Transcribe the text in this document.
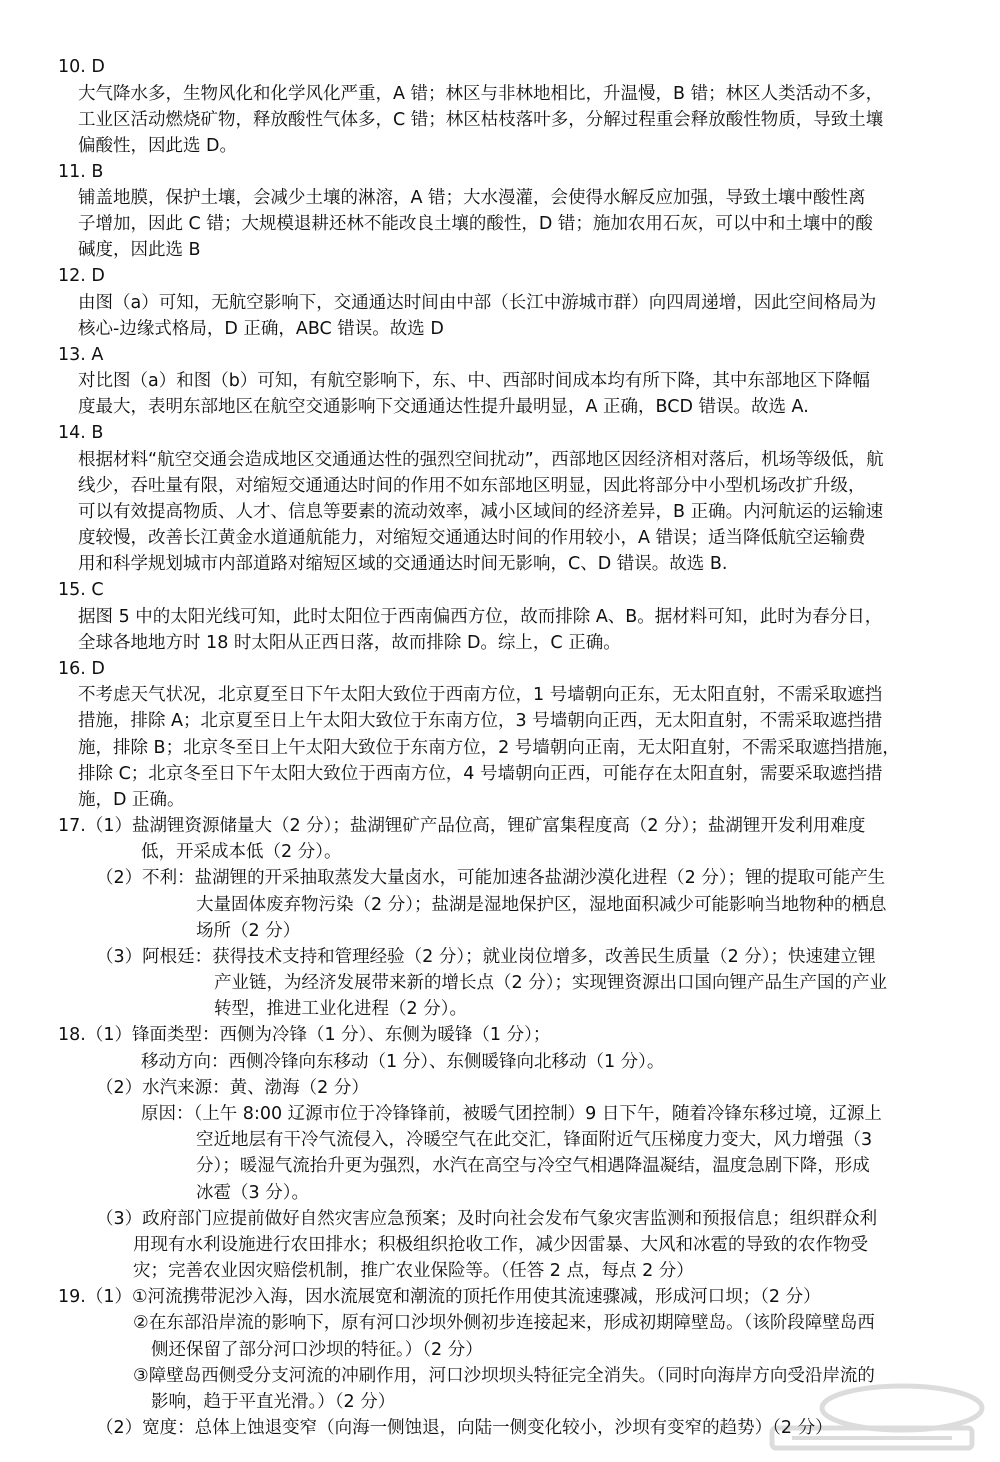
10. D
大气降水多，生物风化和化学风化严重，A 错；林区与非林地相比，升温慢，B 错；林区人类活动不多，
工业区活动燃烧矿物，释放酸性气体多，C 错；林区枯枝落叶多，分解过程重会释放酸性物质，导致土壤
偏酸性，因此选 D。
11. B
铺盖地膜，保护土壤，会减少土壤的淋溶，A 错；大水漫灌，会使得水解反应加强，导致土壤中酸性离
子增加，因此 C 错；大规模退耕还林不能改良土壤的酸性，D 错；施加农用石灰，可以中和土壤中的酸
碱度，因此选 B
12. D
由图（a）可知，无航空影响下，交通通达时间由中部（长江中游城市群）向四周递增，因此空间格局为
核心-边缘式格局，D 正确，ABC 错误。故选 D
13. A
对比图（a）和图（b）可知，有航空影响下，东、中、西部时间成本均有所下降，其中东部地区下降幅
度最大，表明东部地区在航空交通影响下交通通达性提升最明显，A 正确，BCD 错误。故选 A.
14. B
根据材料“航空交通会造成地区交通通达性的强烈空间扰动”，西部地区因经济相对落后，机场等级低，航
线少，吞吐量有限，对缩短交通通达时间的作用不如东部地区明显，因此将部分中小型机场改扩升级，
可以有效提高物质、人才、信息等要素的流动效率，减小区域间的经济差异，B 正确。内河航运的运输速
度较慢，改善长江黄金水道通航能力，对缩短交通通达时间的作用较小，A 错误；适当降低航空运输费
用和科学规划城市内部道路对缩短区域的交通通达时间无影响，C、D 错误。故选 B.
15. C
据图 5 中的太阳光线可知，此时太阳位于西南偏西方位，故而排除 A、B。据材料可知，此时为春分日，
全球各地地方时 18 时太阳从正西日落，故而排除 D。综上，C 正确。
16. D
不考虑天气状况，北京夏至日下午太阳大致位于西南方位，1 号墙朝向正东，无太阳直射，不需采取遮挡
措施，排除 A；北京夏至日上午太阳大致位于东南方位，3 号墙朝向正西，无太阳直射，不需采取遮挡措
施，排除 B；北京冬至日上午太阳大致位于东南方位，2 号墙朝向正南，无太阳直射，不需采取遮挡措施，
排除 C；北京冬至日下午太阳大致位于西南方位，4 号墙朝向正西，可能存在太阳直射，需要采取遮挡措
施，D 正确。
17.（1）盐湖锂资源储量大（2 分）；盐湖锂矿产品位高，锂矿富集程度高（2 分）；盐湖锂开发利用难度
低，开采成本低（2 分）。
（2）不利：盐湖锂的开采抽取蒸发大量卤水，可能加速各盐湖沙漠化进程（2 分）；锂的提取可能产生
大量固体废弃物污染（2 分）；盐湖是湿地保护区，湿地面积减少可能影响当地物种的栖息
场所（2 分）
（3）阿根廷：获得技术支持和管理经验（2 分）；就业岗位增多，改善民生质量（2 分）；快速建立锂
产业链，为经济发展带来新的增长点（2 分）；实现锂资源出口国向锂产品生产国的产业
转型，推进工业化进程（2 分）。
18.（1）锋面类型：西侧为冷锋（1 分）、东侧为暖锋（1 分）；
移动方向：西侧冷锋向东移动（1 分）、东侧暖锋向北移动（1 分）。
（2）水汽来源：黄、渤海（2 分）
原因：（上午 8:00 辽源市位于冷锋锋前，被暖气团控制）9 日下午，随着冷锋东移过境，辽源上
空近地层有干冷气流侵入，冷暖空气在此交汇，锋面附近气压梯度力变大，风力增强（3
分）；暖湿气流抬升更为强烈，水汽在高空与冷空气相遇降温凝结，温度急剧下降，形成
冰雹（3 分）。
（3）政府部门应提前做好自然灾害应急预案；及时向社会发布气象灾害监测和预报信息；组织群众利
用现有水利设施进行农田排水；积极组织抢收工作，减少因雷暴、大风和冰雹的导致的农作物受
灾；完善农业因灾赔偿机制，推广农业保险等。（任答 2 点，每点 2 分）
19.（1）①河流携带泥沙入海，因水流展宽和潮流的顶托作用使其流速骤减，形成河口坝；（2 分）
②在东部沿岸流的影响下，原有河口沙坝外侧初步连接起来，形成初期障壁岛。（该阶段障壁岛西
侧还保留了部分河口沙坝的特征。）（2 分）
③障壁岛西侧受分支河流的冲刷作用，河口沙坝坝头特征完全消失。（同时向海岸方向受沿岸流的
影响，趋于平直光滑。）（2 分）
（2）宽度：总体上蚀退变窄（向海一侧蚀退，向陆一侧变化较小，沙坝有变窄的趋势）（2 分）
